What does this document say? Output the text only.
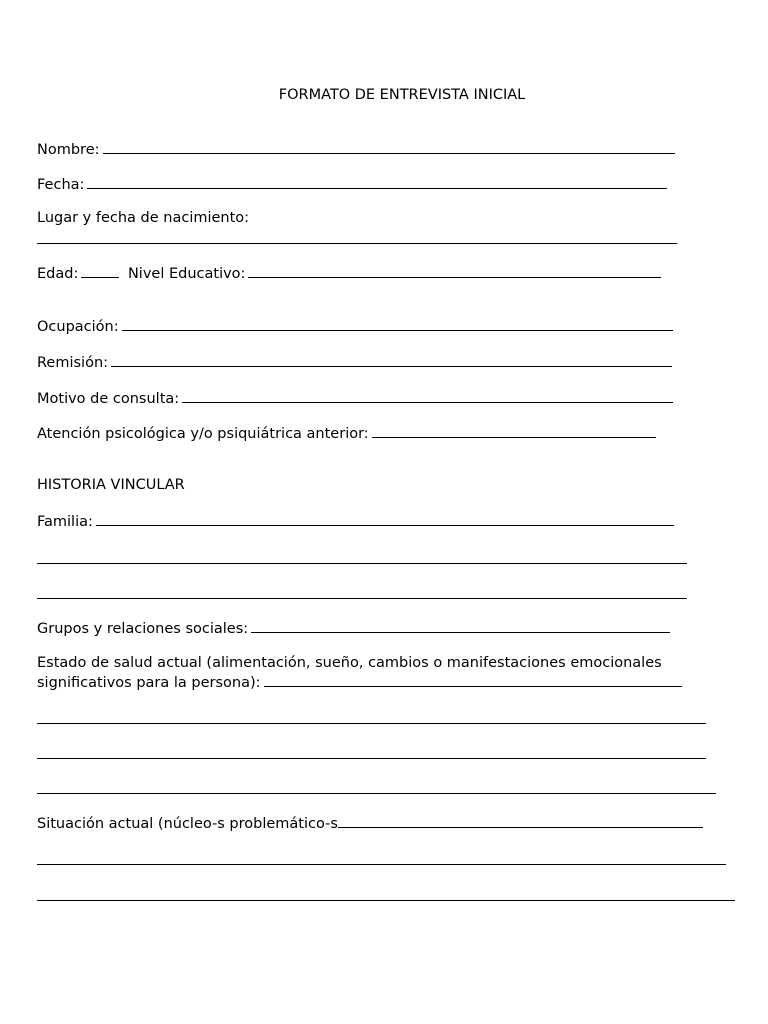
FORMATO DE ENTREVISTA INICIAL
Nombre:
Fecha:
Lugar y fecha de nacimiento:
Edad:	Nivel Educativo:
Ocupación:
Remisión:
Motivo de consulta:
Atención psicológica y/o psiquiátrica anterior:
HISTORIA VINCULAR
Familia:
Grupos y relaciones sociales:
Estado de salud actual (alimentación, sueño, cambios o manifestaciones emocionales
significativos para la persona):
Situación actual (núcleo-s problemático-s
